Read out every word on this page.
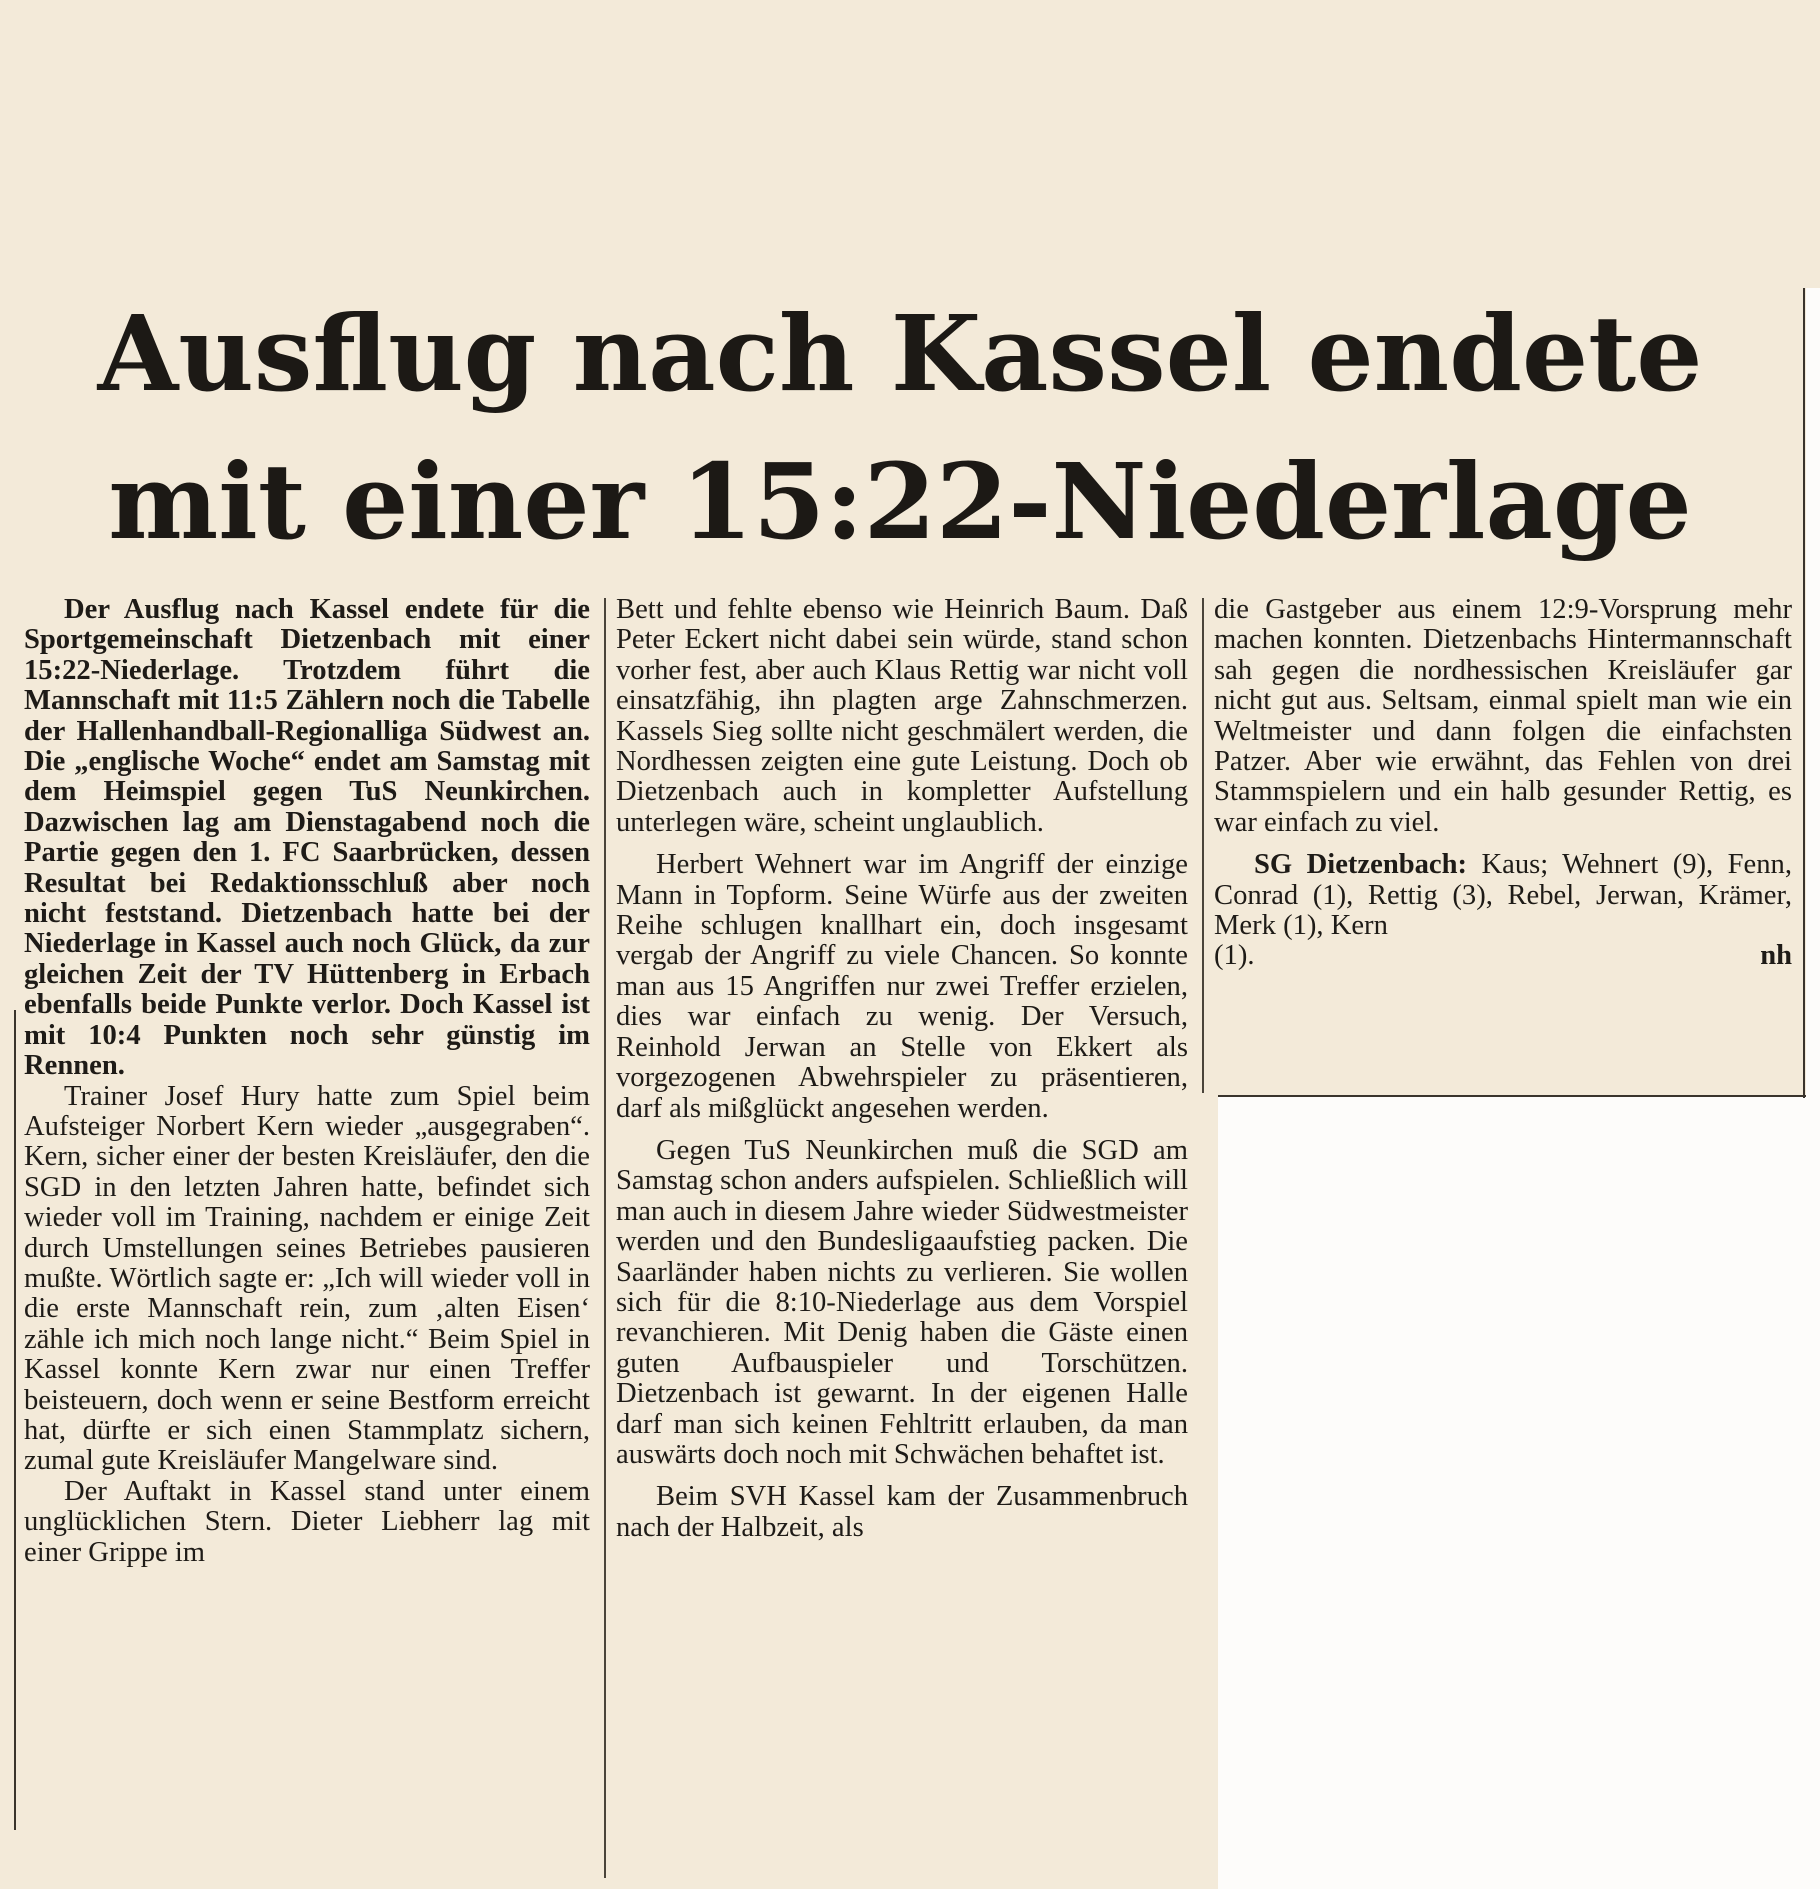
Ausflug nach Kassel endete
mit einer 15:22-Niederlage

Der Ausflug nach Kassel endete für die Sportgemeinschaft Dietzenbach mit einer 15:22-Niederlage. Trotzdem führt die Mannschaft mit 11:5 Zählern noch die Tabelle der Hallenhandball-Regionalliga Südwest an. Die „englische Woche“ endet am Samstag mit dem Heimspiel gegen TuS Neunkirchen. Dazwischen lag am Dienstagabend noch die Partie gegen den 1. FC Saarbrücken, dessen Resultat bei Redaktionsschluß aber noch nicht feststand. Dietzenbach hatte bei der Niederlage in Kassel auch noch Glück, da zur gleichen Zeit der TV Hüttenberg in Erbach ebenfalls beide Punkte verlor. Doch Kassel ist mit 10:4 Punkten noch sehr günstig im Rennen.

Trainer Josef Hury hatte zum Spiel beim Aufsteiger Norbert Kern wieder „ausgegraben“. Kern, sicher einer der besten Kreisläufer, den die SGD in den letzten Jahren hatte, befindet sich wieder voll im Training, nachdem er einige Zeit durch Umstellungen seines Betriebes pausieren mußte. Wörtlich sagte er: „Ich will wieder voll in die erste Mannschaft rein, zum ‚alten Eisen‘ zähle ich mich noch lange nicht.“ Beim Spiel in Kassel konnte Kern zwar nur einen Treffer beisteuern, doch wenn er seine Bestform erreicht hat, dürfte er sich einen Stammplatz sichern, zumal gute Kreisläufer Mangelware sind.

Der Auftakt in Kassel stand unter einem unglücklichen Stern. Dieter Liebherr lag mit einer Grippe im

Bett und fehlte ebenso wie Heinrich Baum. Daß Peter Eckert nicht dabei sein würde, stand schon vorher fest, aber auch Klaus Rettig war nicht voll einsatzfähig, ihn plagten arge Zahnschmerzen. Kassels Sieg sollte nicht geschmälert werden, die Nordhessen zeigten eine gute Leistung. Doch ob Dietzenbach auch in kompletter Aufstellung unterlegen wäre, scheint unglaublich.

Herbert Wehnert war im Angriff der einzige Mann in Topform. Seine Würfe aus der zweiten Reihe schlugen knallhart ein, doch insgesamt vergab der Angriff zu viele Chancen. So konnte man aus 15 Angriffen nur zwei Treffer erzielen, dies war einfach zu wenig. Der Versuch, Reinhold Jerwan an Stelle von Ekkert als vorgezogenen Abwehrspieler zu präsentieren, darf als mißglückt angesehen werden.

Gegen TuS Neunkirchen muß die SGD am Samstag schon anders aufspielen. Schließlich will man auch in diesem Jahre wieder Südwestmeister werden und den Bundesligaaufstieg packen. Die Saarländer haben nichts zu verlieren. Sie wollen sich für die 8:10-Niederlage aus dem Vorspiel revanchieren. Mit Denig haben die Gäste einen guten Aufbauspieler und Torschützen. Dietzenbach ist gewarnt. In der eigenen Halle darf man sich keinen Fehltritt erlauben, da man auswärts doch noch mit Schwächen behaftet ist.

Beim SVH Kassel kam der Zusammenbruch nach der Halbzeit, als

die Gastgeber aus einem 12:9-Vorsprung mehr machen konnten. Dietzenbachs Hintermannschaft sah gegen die nordhessischen Kreisläufer gar nicht gut aus. Seltsam, einmal spielt man wie ein Weltmeister und dann folgen die einfachsten Patzer. Aber wie erwähnt, das Fehlen von drei Stammspielern und ein halb gesunder Rettig, es war einfach zu viel.

SG Dietzenbach: Kaus; Wehnert (9), Fenn, Conrad (1), Rettig (3), Rebel, Jerwan, Krämer, Merk (1), Kern

(1).	nh
